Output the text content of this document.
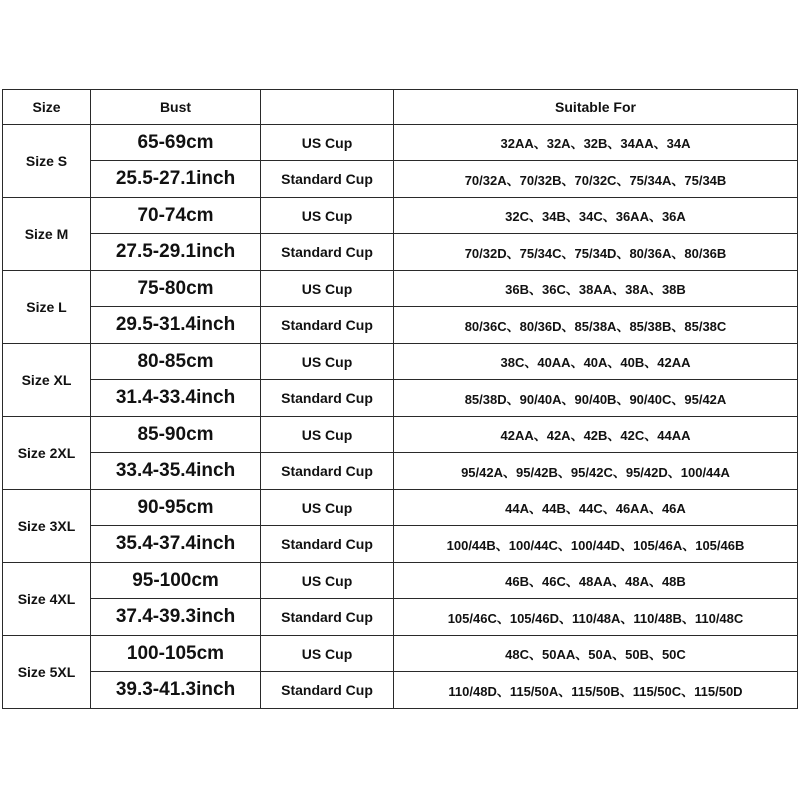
Size	Bust		Suitable For
Size S	65-69cm	US Cup	32AA、32A、32B、34AA、34A
	25.5-27.1inch	Standard Cup	70/32A、70/32B、70/32C、75/34A、75/34B
Size M	70-74cm	US Cup	32C、34B、34C、36AA、36A
	27.5-29.1inch	Standard Cup	70/32D、75/34C、75/34D、80/36A、80/36B
Size L	75-80cm	US Cup	36B、36C、38AA、38A、38B
	29.5-31.4inch	Standard Cup	80/36C、80/36D、85/38A、85/38B、85/38C
Size XL	80-85cm	US Cup	38C、40AA、40A、40B、42AA
	31.4-33.4inch	Standard Cup	85/38D、90/40A、90/40B、90/40C、95/42A
Size 2XL	85-90cm	US Cup	42AA、42A、42B、42C、44AA
	33.4-35.4inch	Standard Cup	95/42A、95/42B、95/42C、95/42D、100/44A
Size 3XL	90-95cm	US Cup	44A、44B、44C、46AA、46A
	35.4-37.4inch	Standard Cup	100/44B、100/44C、100/44D、105/46A、105/46B
Size 4XL	95-100cm	US Cup	46B、46C、48AA、48A、48B
	37.4-39.3inch	Standard Cup	105/46C、105/46D、110/48A、110/48B、110/48C
Size 5XL	100-105cm	US Cup	48C、50AA、50A、50B、50C
	39.3-41.3inch	Standard Cup	110/48D、115/50A、115/50B、115/50C、115/50D
